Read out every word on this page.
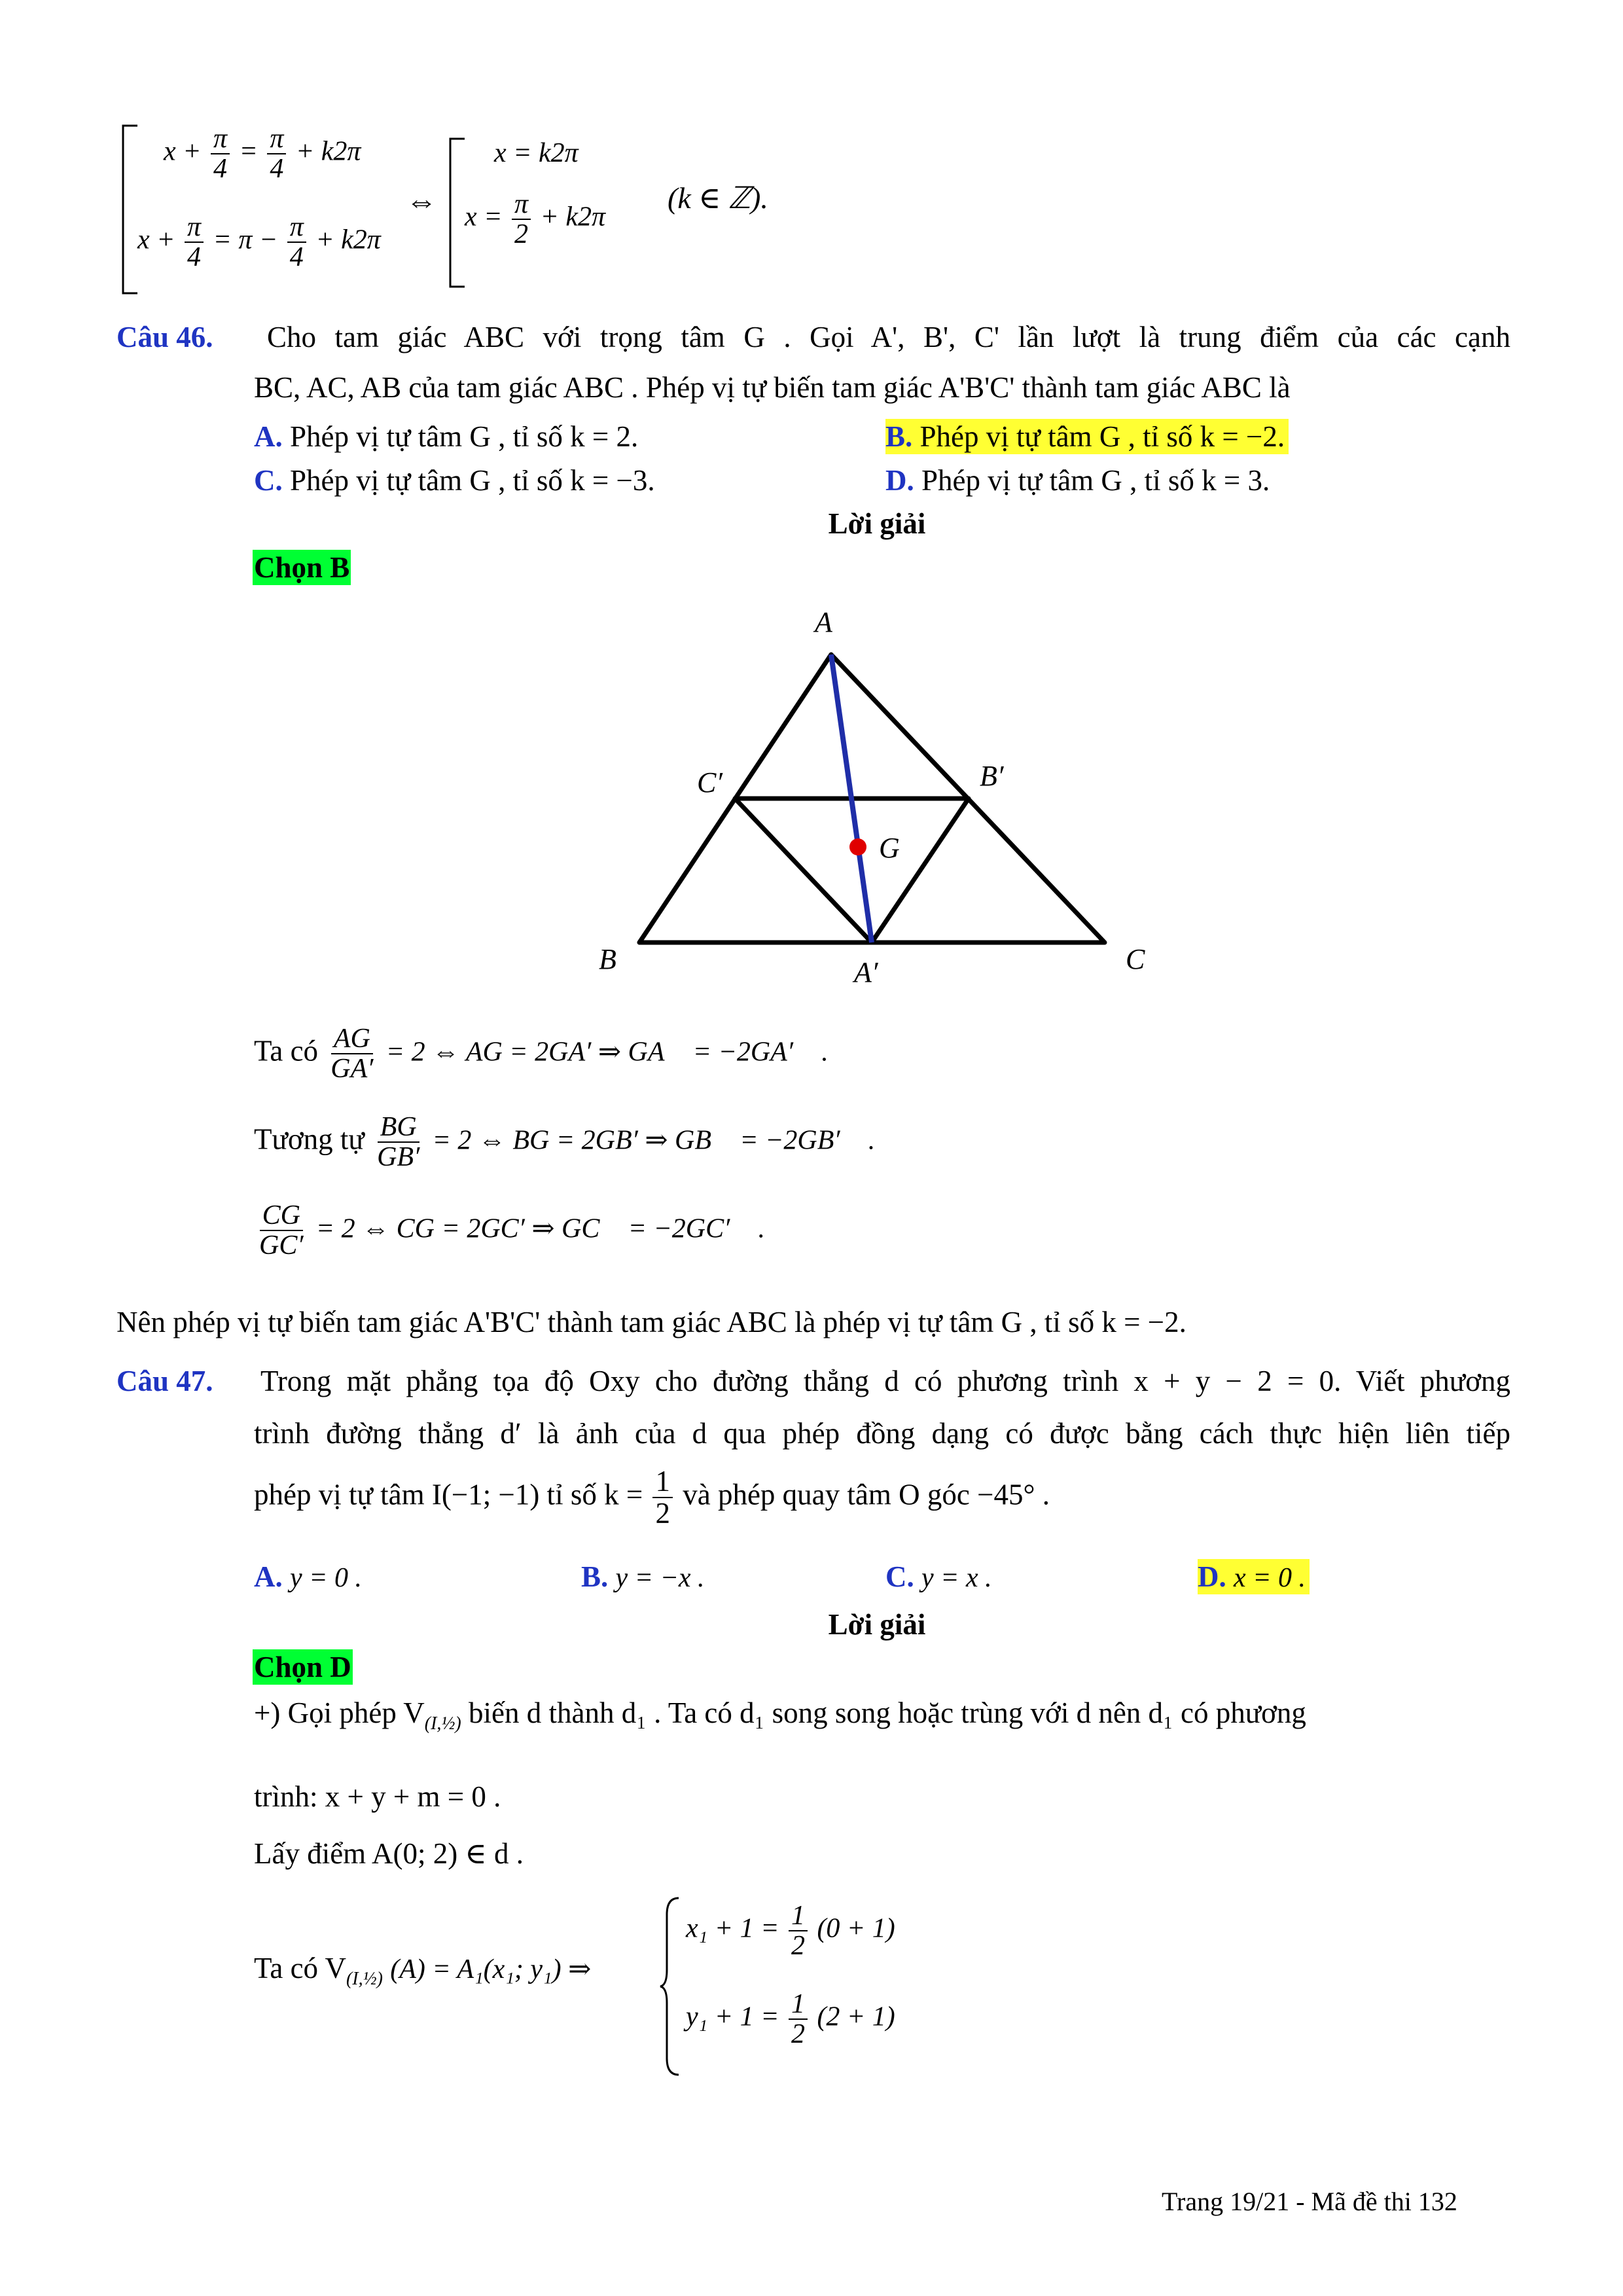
$x + \frac{\pi}{4} = \frac{\pi}{4} + k2\pi$
$x + \frac{\pi}{4} = \pi - \frac{\pi}{4} + k2\pi$
⇔
x = k2π
$x = \frac{\pi}{2} + k2\pi$
(k ∈ ℤ).
Câu 46. Cho tam giác ABC với trọng tâm G . Gọi A', B', C' lần lượt là trung điểm của các cạnh
BC, AC, AB của tam giác ABC . Phép vị tự biến tam giác A'B'C' thành tam giác ABC là
A. Phép vị tự tâm G , tỉ số k = 2.	B. Phép vị tự tâm G , tỉ số k = −2.
C. Phép vị tự tâm G , tỉ số k = −3.	D. Phép vị tự tâm G , tỉ số k = 3.
Lời giải
Chọn B
A
B	C
A′
B′
C′
G
Ta có $\frac{AG}{GA'} = 2$ ⇔ AG = 2GA′ ⇒ GA⃗ = −2GA′⃗ .
Tương tự $\frac{BG}{GB'} = 2$ ⇔ BG = 2GB′ ⇒ GB⃗ = −2GB′⃗ .
$\frac{CG}{GC'} = 2$ ⇔ CG = 2GC′ ⇒ GC⃗ = −2GC′⃗ .
Nên phép vị tự biến tam giác A'B'C' thành tam giác ABC là phép vị tự tâm G , tỉ số k = −2.
Câu 47. Trong mặt phẳng tọa độ Oxy cho đường thẳng d có phương trình x + y − 2 = 0. Viết phương
trình đường thẳng d′ là ảnh của d qua phép đồng dạng có được bằng cách thực hiện liên tiếp
phép vị tự tâm I(−1; −1) tỉ số $k = \frac{1}{2}$ và phép quay tâm O góc −45° .
A. y = 0 .	B. y = −x .	C. y = x .	D. x = 0 .
Lời giải
Chọn D
+) Gọi phép $V_{(I,\frac{1}{2})}$ biến d thành d₁ . Ta có d₁ song song hoặc trùng với d nên d₁ có phương
trình: x + y + m = 0 .
Lấy điểm A(0; 2) ∈ d .
Ta có $V_{(I,\frac{1}{2})}$ (A) = A₁(x₁; y₁) ⇒
$x_1 + 1 = \frac{1}{2} (0 + 1)$
$y_1 + 1 = \frac{1}{2} (2 + 1)$
Trang 19/21 - Mã đề thi 132
